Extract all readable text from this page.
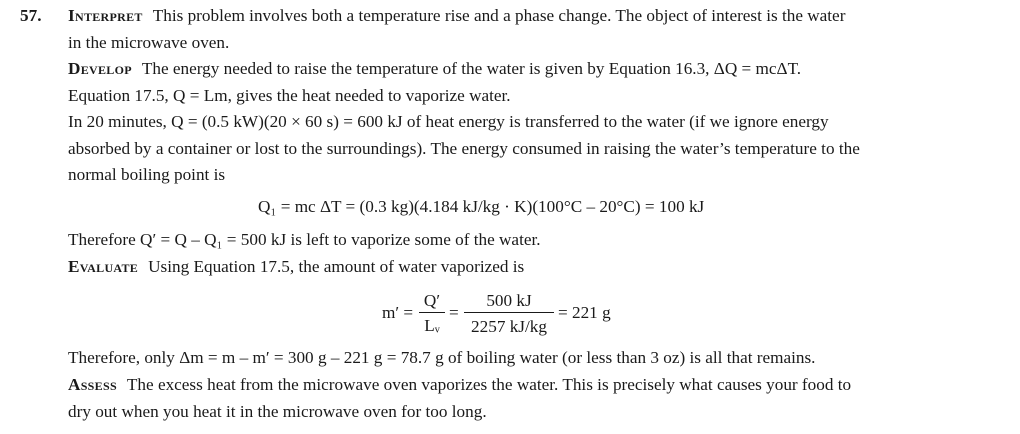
57. Interpret This problem involves both a temperature rise and a phase change. The object of interest is the water
in the microwave oven.
Develop The energy needed to raise the temperature of the water is given by Equation 16.3, ΔQ = mcΔT.
Equation 17.5, Q = Lm, gives the heat needed to vaporize water.
In 20 minutes, Q = (0.5 kW)(20 × 60 s) = 600 kJ of heat energy is transferred to the water (if we ignore energy
absorbed by a container or lost to the surroundings). The energy consumed in raising the water’s temperature to the
normal boiling point is
Q₁ = mc ΔT = (0.3 kg)(4.184 kJ/kg · K)(100°C – 20°C) = 100 kJ
Therefore Q′ = Q – Q₁ = 500 kJ is left to vaporize some of the water.
Evaluate Using Equation 17.5, the amount of water vaporized is
m′ =
Q′
Lᵥ
=
500 kJ
2257 kJ/kg
= 221 g
Therefore, only Δm = m – m′ = 300 g – 221 g = 78.7 g of boiling water (or less than 3 oz) is all that remains.
Assess The excess heat from the microwave oven vaporizes the water. This is precisely what causes your food to
dry out when you heat it in the microwave oven for too long.
